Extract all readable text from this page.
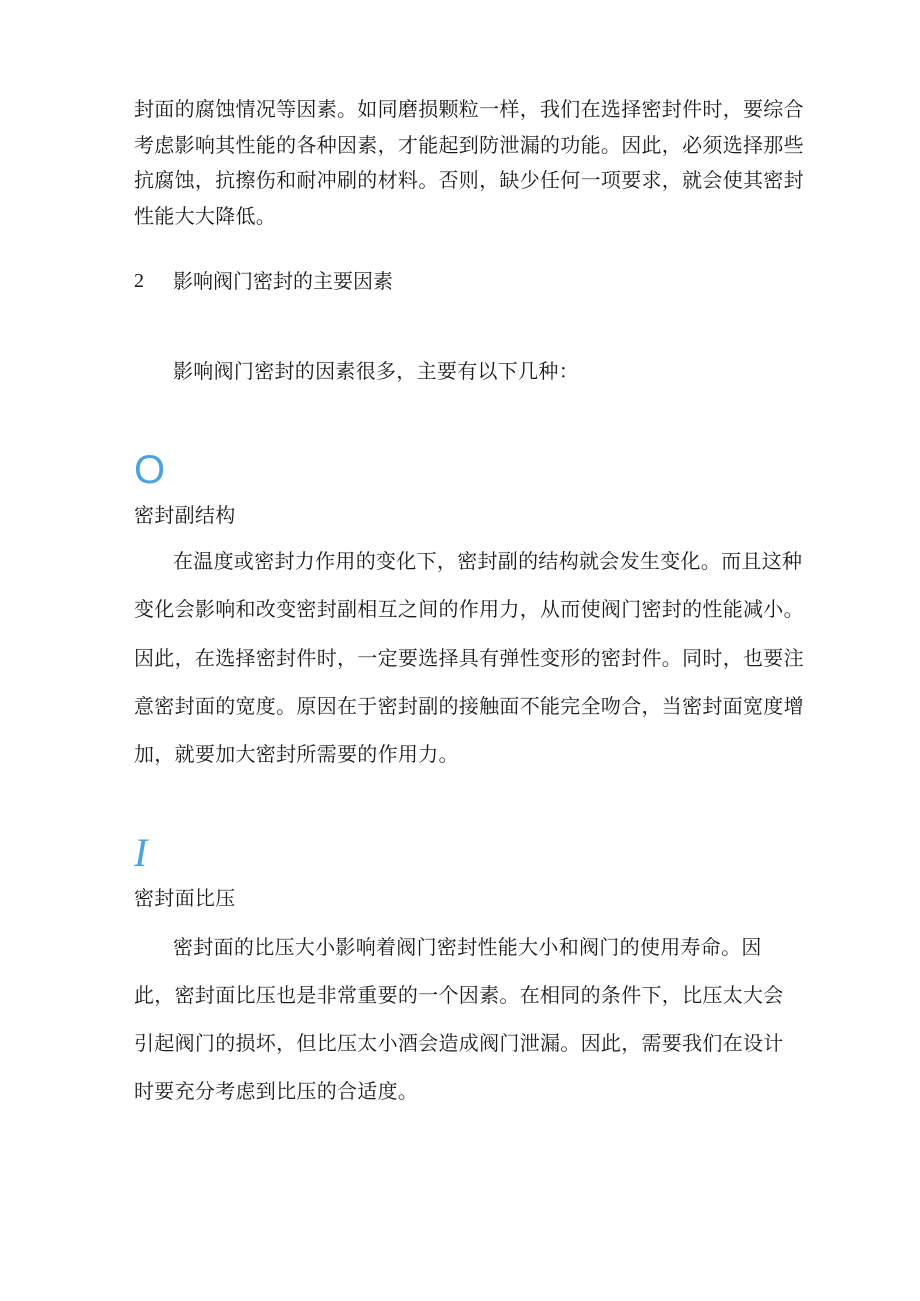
封面的腐蚀情况等因素。如同磨损颗粒一样，我们在选择密封件时，要综合
考虑影响其性能的各种因素，才能起到防泄漏的功能。因此，必须选择那些
抗腐蚀，抗擦伤和耐冲刷的材料。否则，缺少任何一项要求，就会使其密封
性能大大降低。
2 影响阀门密封的主要因素
影响阀门密封的因素很多，主要有以下几种：
O
密封副结构
在温度或密封力作用的变化下，密封副的结构就会发生变化。而且这种
变化会影响和改变密封副相互之间的作用力，从而使阀门密封的性能减小。
因此，在选择密封件时，一定要选择具有弹性变形的密封件。同时，也要注
意密封面的宽度。原因在于密封副的接触面不能完全吻合，当密封面宽度增
加，就要加大密封所需要的作用力。
I
密封面比压
密封面的比压大小影响着阀门密封性能大小和阀门的使用寿命。因
此，密封面比压也是非常重要的一个因素。在相同的条件下，比压太大会
引起阀门的损坏，但比压太小酒会造成阀门泄漏。因此，需要我们在设计
时要充分考虑到比压的合适度。
